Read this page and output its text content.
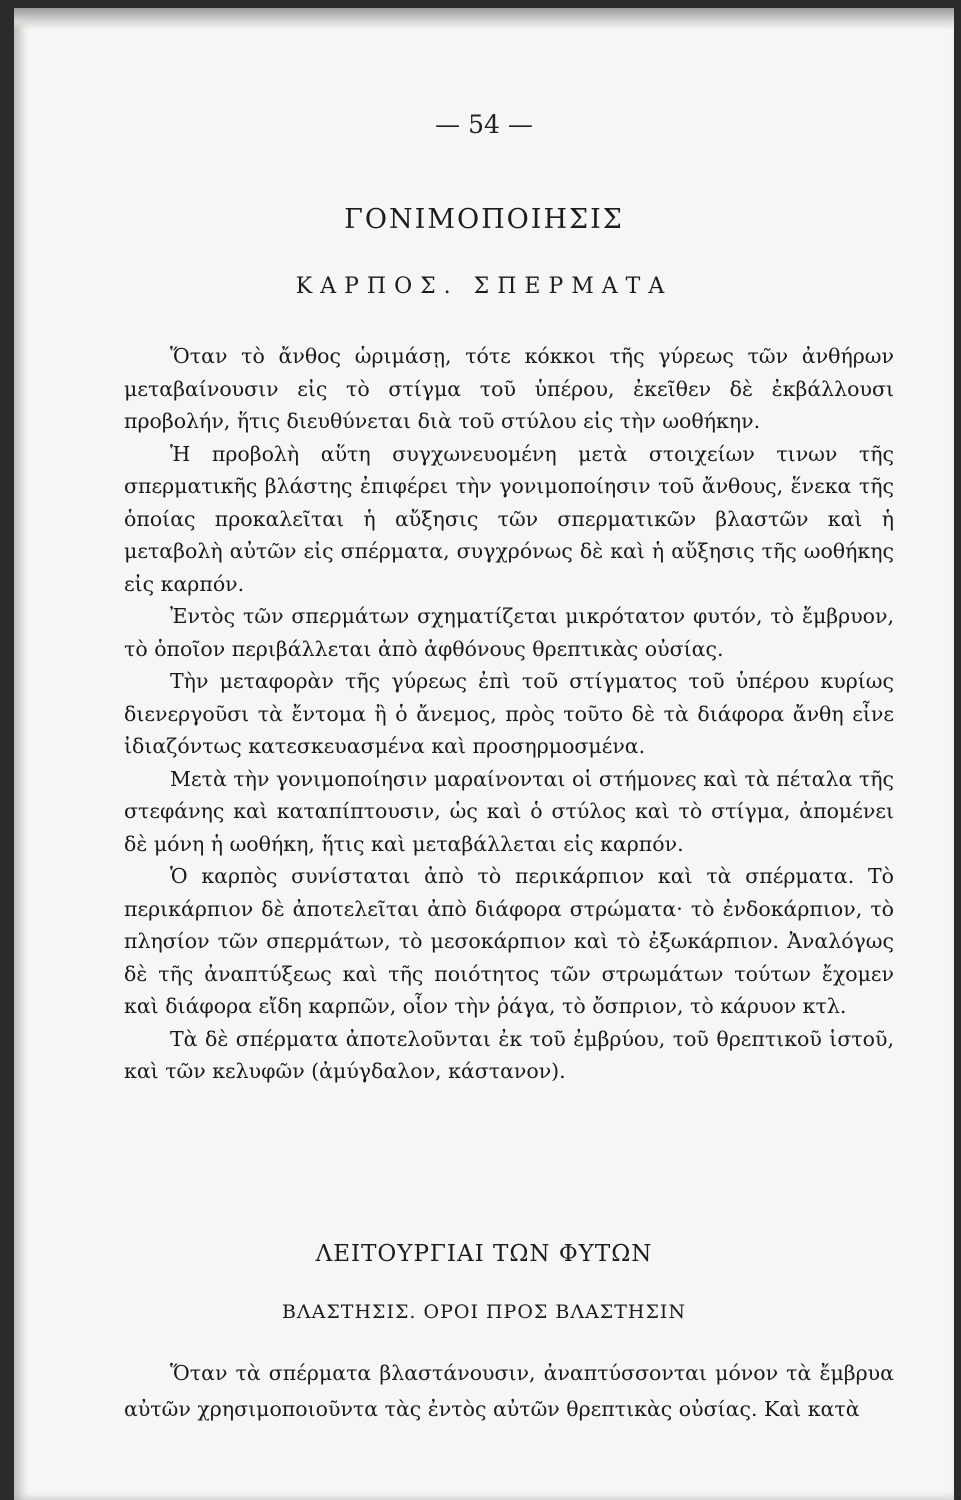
— 54 —
ΓΟΝΙΜΟΠΟΙΗΣΙΣ
ΚΑΡΠΟΣ. ΣΠΕΡΜΑΤΑ

Ὅταν τὸ ἄνθος ὡριμάσῃ, τότε κόκκοι τῆς γύρεως τῶν ἀνθήρων μεταβαίνουσιν εἰς τὸ στίγμα τοῦ ὑπέρου, ἐκεῖθεν δὲ ἐκβάλλουσι προβολήν, ἥτις διευθύνεται διὰ τοῦ στύλου εἰς τὴν ωοθήκην.

Ἡ προβολὴ αὕτη συγχωνευομένη μετὰ στοιχείων τινων τῆς σπερματικῆς βλάστης ἐπιφέρει τὴν γονιμοποίησιν τοῦ ἄνθους, ἕνεκα τῆς ὁποίας προκαλεῖται ἡ αὔξησις τῶν σπερματικῶν βλαστῶν καὶ ἡ μεταβολὴ αὐτῶν εἰς σπέρματα, συγχρόνως δὲ καὶ ἡ αὔξησις τῆς ωοθήκης εἰς καρπόν.

Ἐντὸς τῶν σπερμάτων σχηματίζεται μικρότατον φυτόν, τὸ ἔμβρυον, τὸ ὁποῖον περιβάλλεται ἀπὸ ἀφθόνους θρεπτικὰς οὐσίας.

Τὴν μεταφορὰν τῆς γύρεως ἐπὶ τοῦ στίγματος τοῦ ὑπέρου κυρίως διενεργοῦσι τὰ ἔντομα ἢ ὁ ἄνεμος, πρὸς τοῦτο δὲ τὰ διάφορα ἄνθη εἶνε ἰδιαζόντως κατεσκευασμένα καὶ προσηρμοσμένα.

Μετὰ τὴν γονιμοποίησιν μαραίνονται οἱ στήμονες καὶ τὰ πέταλα τῆς στεφάνης καὶ καταπίπτουσιν, ὡς καὶ ὁ στύλος καὶ τὸ στίγμα, ἀπομένει δὲ μόνη ἡ ωοθήκη, ἥτις καὶ μεταβάλλεται εἰς καρπόν.

Ὁ καρπὸς συνίσταται ἀπὸ τὸ περικάρπιον καὶ τὰ σπέρματα. Τὸ περικάρπιον δὲ ἀποτελεῖται ἀπὸ διάφορα στρώματα· τὸ ἐνδοκάρπιον, τὸ πλησίον τῶν σπερμάτων, τὸ μεσοκάρπιον καὶ τὸ ἐξωκάρπιον. Ἀναλόγως δὲ τῆς ἀναπτύξεως καὶ τῆς ποιότητος τῶν στρωμάτων τούτων ἔχομεν καὶ διάφορα εἴδη καρπῶν, οἷον τὴν ῥάγα, τὸ ὄσπριον, τὸ κάρυον κτλ.

Τὰ δὲ σπέρματα ἀποτελοῦνται ἐκ τοῦ ἐμβρύου, τοῦ θρεπτικοῦ ἱστοῦ, καὶ τῶν κελυφῶν (ἀμύγδαλον, κάστανον).

ΛΕΙΤΟΥΡΓΙΑΙ ΤΩΝ ΦΥΤΩΝ
ΒΛΑΣΤΗΣΙΣ. ΟΡΟΙ ΠΡΟΣ ΒΛΑΣΤΗΣΙΝ

Ὅταν τὰ σπέρματα βλαστάνουσιν, ἀναπτύσσονται μόνον τὰ ἔμβρυα αὐτῶν χρησιμοποιοῦντα τὰς ἐντὸς αὐτῶν θρεπτικὰς οὐσίας. Καὶ κατὰ
